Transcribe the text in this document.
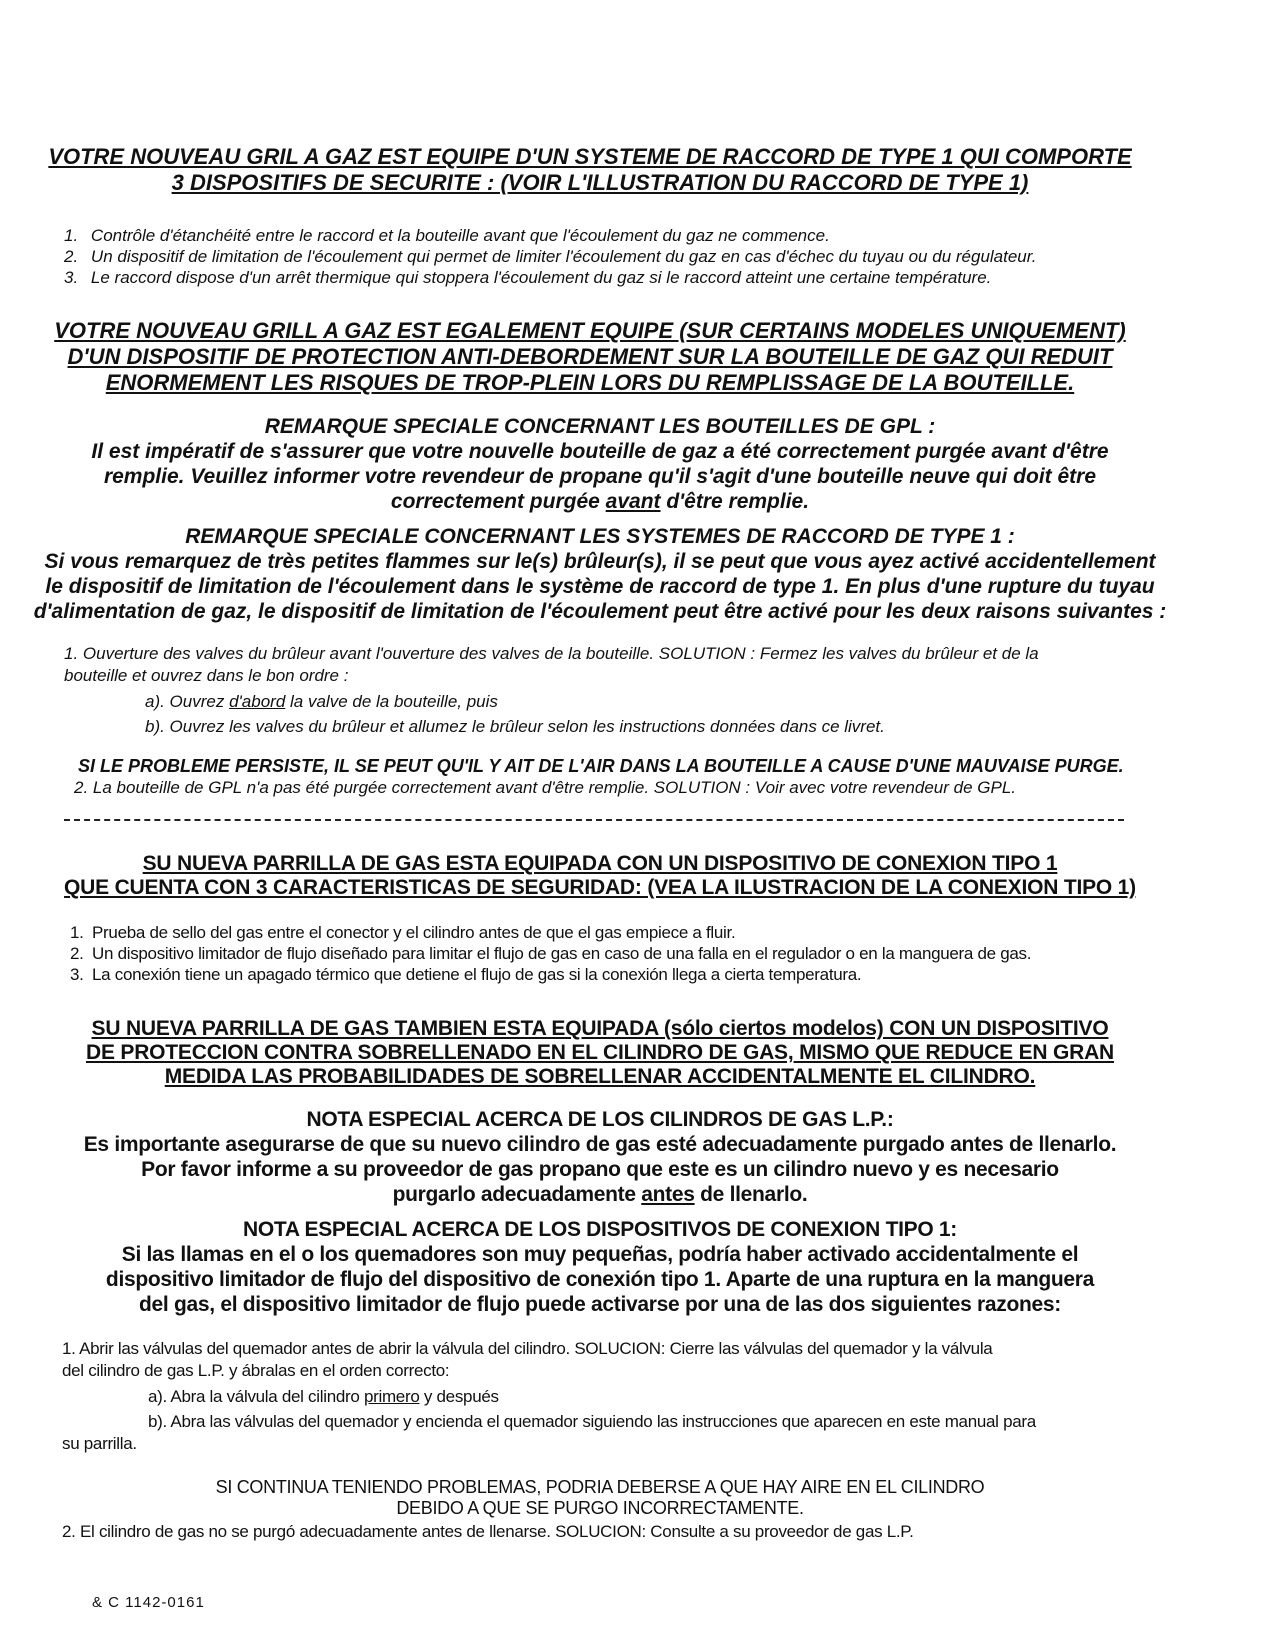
VOTRE NOUVEAU GRIL A GAZ EST EQUIPE D'UN SYSTEME DE RACCORD DE TYPE 1 QUI COMPORTE
3 DISPOSITIFS DE SECURITE : (VOIR L'ILLUSTRATION DU RACCORD DE TYPE 1)
1. Contrôle d'étanchéité entre le raccord et la bouteille avant que l'écoulement du gaz ne commence.
2. Un dispositif de limitation de l'écoulement qui permet de limiter l'écoulement du gaz en cas d'échec du tuyau ou du régulateur.
3. Le raccord dispose d'un arrêt thermique qui stoppera l'écoulement du gaz si le raccord atteint une certaine température.
VOTRE NOUVEAU GRILL A GAZ EST EGALEMENT EQUIPE (SUR CERTAINS MODELES UNIQUEMENT)
D'UN DISPOSITIF DE PROTECTION ANTI-DEBORDEMENT SUR LA BOUTEILLE DE GAZ QUI REDUIT
ENORMEMENT LES RISQUES DE TROP-PLEIN LORS DU REMPLISSAGE DE LA BOUTEILLE.
REMARQUE SPECIALE CONCERNANT LES BOUTEILLES DE GPL :
Il est impératif de s'assurer que votre nouvelle bouteille de gaz a été correctement purgée avant d'être
remplie. Veuillez informer votre revendeur de propane qu'il s'agit d'une bouteille neuve qui doit être
correctement purgée avant d'être remplie.
REMARQUE SPECIALE CONCERNANT LES SYSTEMES DE RACCORD DE TYPE 1 :
Si vous remarquez de très petites flammes sur le(s) brûleur(s), il se peut que vous ayez activé accidentellement
le dispositif de limitation de l'écoulement dans le système de raccord de type 1. En plus d'une rupture du tuyau
d'alimentation de gaz, le dispositif de limitation de l'écoulement peut être activé pour les deux raisons suivantes :
1. Ouverture des valves du brûleur avant l'ouverture des valves de la bouteille. SOLUTION : Fermez les valves du brûleur et de la
bouteille et ouvrez dans le bon ordre :
a). Ouvrez d'abord la valve de la bouteille, puis
b). Ouvrez les valves du brûleur et allumez le brûleur selon les instructions données dans ce livret.
SI LE PROBLEME PERSISTE, IL SE PEUT QU'IL Y AIT DE L'AIR DANS LA BOUTEILLE A CAUSE D'UNE MAUVAISE PURGE.
2. La bouteille de GPL n'a pas été purgée correctement avant d'être remplie. SOLUTION : Voir avec votre revendeur de GPL.
SU NUEVA PARRILLA DE GAS ESTA EQUIPADA CON UN DISPOSITIVO DE CONEXION TIPO 1
QUE CUENTA CON 3 CARACTERISTICAS DE SEGURIDAD: (VEA LA ILUSTRACION DE LA CONEXION TIPO 1)
1. Prueba de sello del gas entre el conector y el cilindro antes de que el gas empiece a fluir.
2. Un dispositivo limitador de flujo diseñado para limitar el flujo de gas en caso de una falla en el regulador o en la manguera de gas.
3. La conexión tiene un apagado térmico que detiene el flujo de gas si la conexión llega a cierta temperatura.
SU NUEVA PARRILLA DE GAS TAMBIEN ESTA EQUIPADA (sólo ciertos modelos) CON UN DISPOSITIVO
DE PROTECCION CONTRA SOBRELLENADO EN EL CILINDRO DE GAS, MISMO QUE REDUCE EN GRAN
MEDIDA LAS PROBABILIDADES DE SOBRELLENAR ACCIDENTALMENTE EL CILINDRO.
NOTA ESPECIAL ACERCA DE LOS CILINDROS DE GAS L.P.:
Es importante asegurarse de que su nuevo cilindro de gas esté adecuadamente purgado antes de llenarlo.
Por favor informe a su proveedor de gas propano que este es un cilindro nuevo y es necesario
purgarlo adecuadamente antes de llenarlo.
NOTA ESPECIAL ACERCA DE LOS DISPOSITIVOS DE CONEXION TIPO 1:
Si las llamas en el o los quemadores son muy pequeñas, podría haber activado accidentalmente el
dispositivo limitador de flujo del dispositivo de conexión tipo 1. Aparte de una ruptura en la manguera
del gas, el dispositivo limitador de flujo puede activarse por una de las dos siguientes razones:
1. Abrir las válvulas del quemador antes de abrir la válvula del cilindro. SOLUCION: Cierre las válvulas del quemador y la válvula
del cilindro de gas L.P. y ábralas en el orden correcto:
a). Abra la válvula del cilindro primero y después
b). Abra las válvulas del quemador y encienda el quemador siguiendo las instrucciones que aparecen en este manual para
su parrilla.
SI CONTINUA TENIENDO PROBLEMAS, PODRIA DEBERSE A QUE HAY AIRE EN EL CILINDRO
DEBIDO A QUE SE PURGO INCORRECTAMENTE.
2. El cilindro de gas no se purgó adecuadamente antes de llenarse. SOLUCION: Consulte a su proveedor de gas L.P.
& C 1142-0161
